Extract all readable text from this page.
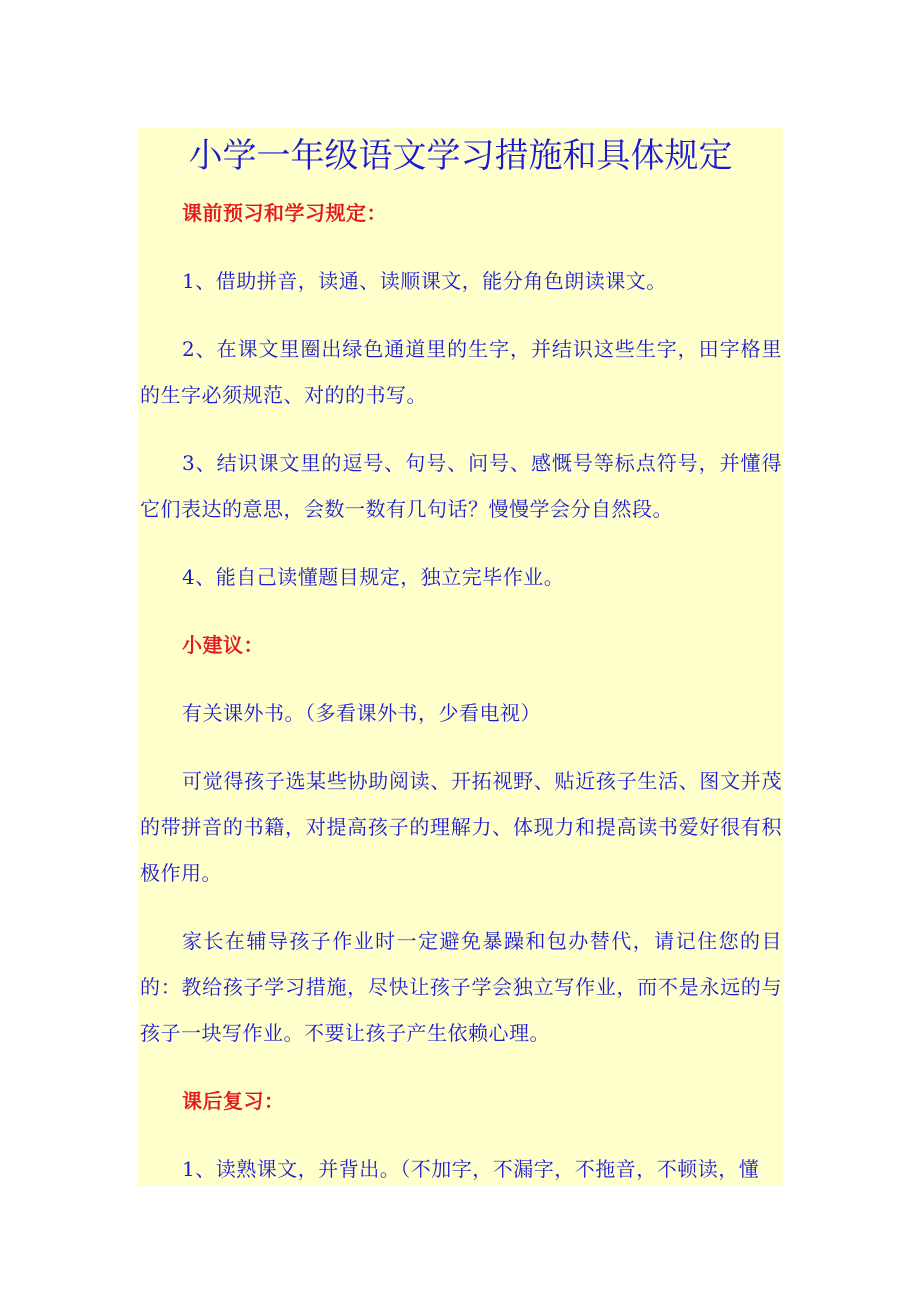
小学一年级语文学习措施和具体规定

课前预习和学习规定：

1、借助拼音，读通、读顺课文，能分角色朗读课文。

2、在课文里圈出绿色通道里的生字，并结识这些生字，田字格里的生字必须规范、对的的书写。

3、结识课文里的逗号、句号、问号、感慨号等标点符号，并懂得它们表达的意思，会数一数有几句话？慢慢学会分自然段。

4、能自己读懂题目规定，独立完毕作业。

小建议：

有关课外书。（多看课外书，少看电视）

可觉得孩子选某些协助阅读、开拓视野、贴近孩子生活、图文并茂的带拼音的书籍，对提高孩子的理解力、体现力和提高读书爱好很有积极作用。

家长在辅导孩子作业时一定避免暴躁和包办替代，请记住您的目的：教给孩子学习措施，尽快让孩子学会独立写作业，而不是永远的与孩子一块写作业。不要让孩子产生依赖心理。

课后复习：

1、读熟课文，并背出。（不加字，不漏字，不拖音，不顿读，懂
